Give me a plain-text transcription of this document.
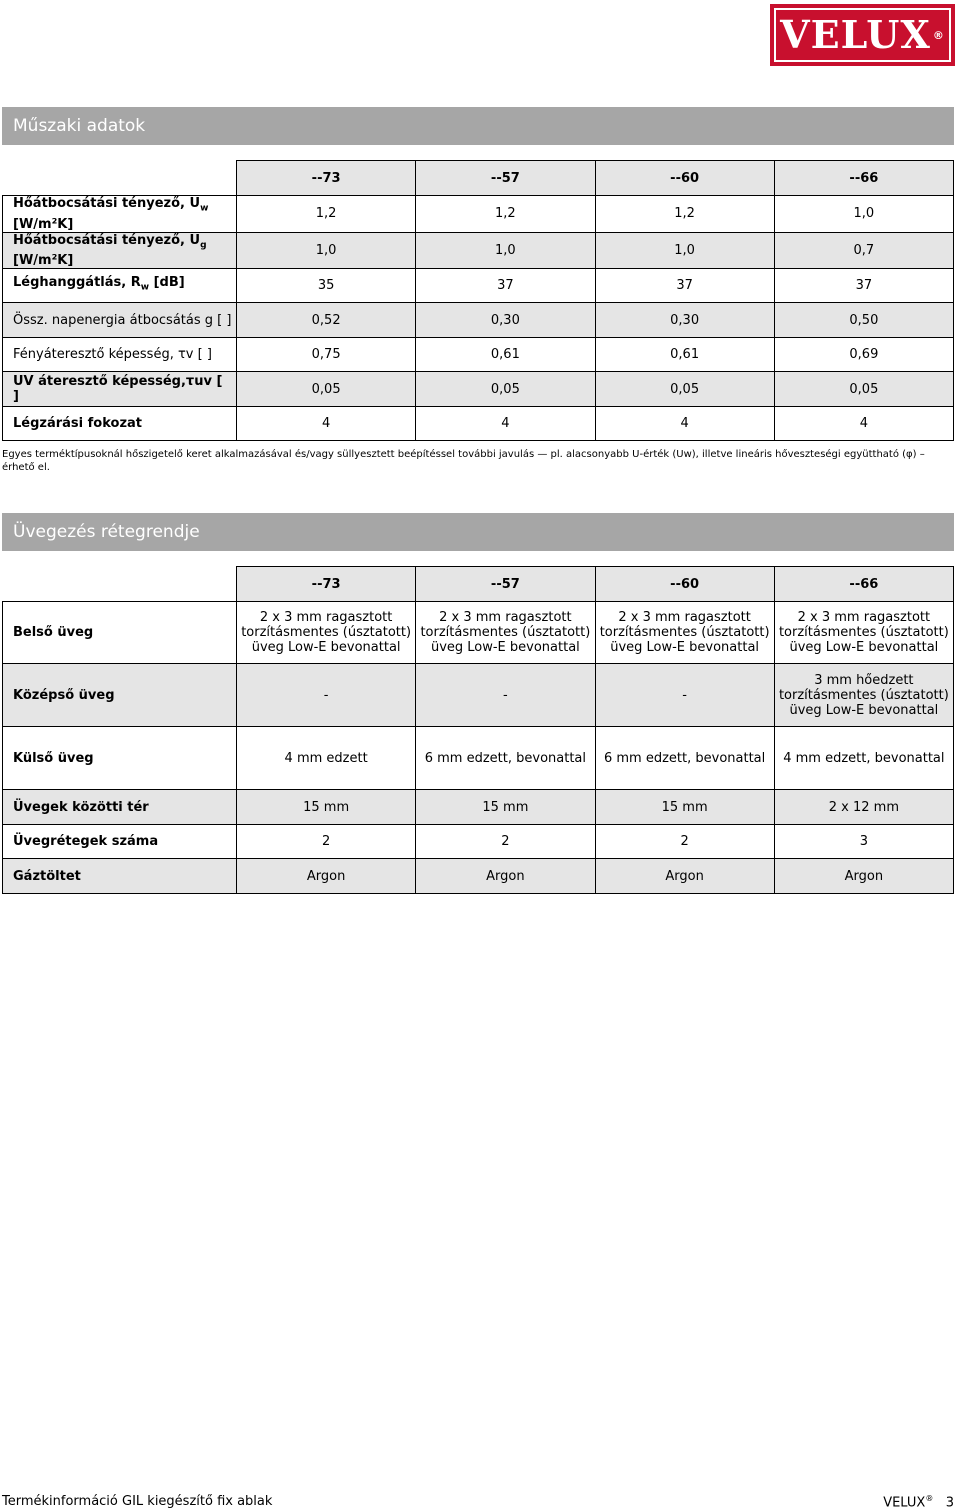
VELUX ®
Műszaki adatok
	--73	--57	--60	--66
Hőátbocsátási tényező, $U_w$
[W/m²K]	1,2	1,2	1,2	1,0
Hőátbocsátási tényező, $U_g$
[W/m²K]	1,0	1,0	1,0	0,7
Léghanggátlás, $R_w$ [dB]	35	37	37	37
Össz. napenergia átbocsátás g [ ]	0,52	0,30	0,30	0,50
Fényáteresztő képesség, τv [ ]	0,75	0,61	0,61	0,69
UV áteresztő képesség,τuv [ ]	0,05	0,05	0,05	0,05
Légzárási fokozat	4	4	4	4
Egyes terméktípusoknál hőszigetelő keret alkalmazásával és/vagy süllyesztett beépítéssel további javulás — pl. alacsonyabb U-érték (Uw), illetve lineáris hőveszteségi együttható (φ) – érhető el.
Üvegezés rétegrendje
	--73	--57	--60	--66
Belső üveg	2 x 3 mm ragasztott torzításmentes (úsztatott) üveg Low-E bevonattal	2 x 3 mm ragasztott torzításmentes (úsztatott) üveg Low-E bevonattal	2 x 3 mm ragasztott torzításmentes (úsztatott) üveg Low-E bevonattal	2 x 3 mm ragasztott torzításmentes (úsztatott) üveg Low-E bevonattal
Középső üveg	-	-	-	3 mm hőedzett torzításmentes (úsztatott) üveg Low-E bevonattal
Külső üveg	4 mm edzett	6 mm edzett, bevonattal	6 mm edzett, bevonattal	4 mm edzett, bevonattal
Üvegek közötti tér	15 mm	15 mm	15 mm	2 x 12 mm
Üvegrétegek száma	2	2	2	3
Gáztöltet	Argon	Argon	Argon	Argon
Termékinformáció GIL kiegészítő fix ablak	VELUX® 3
